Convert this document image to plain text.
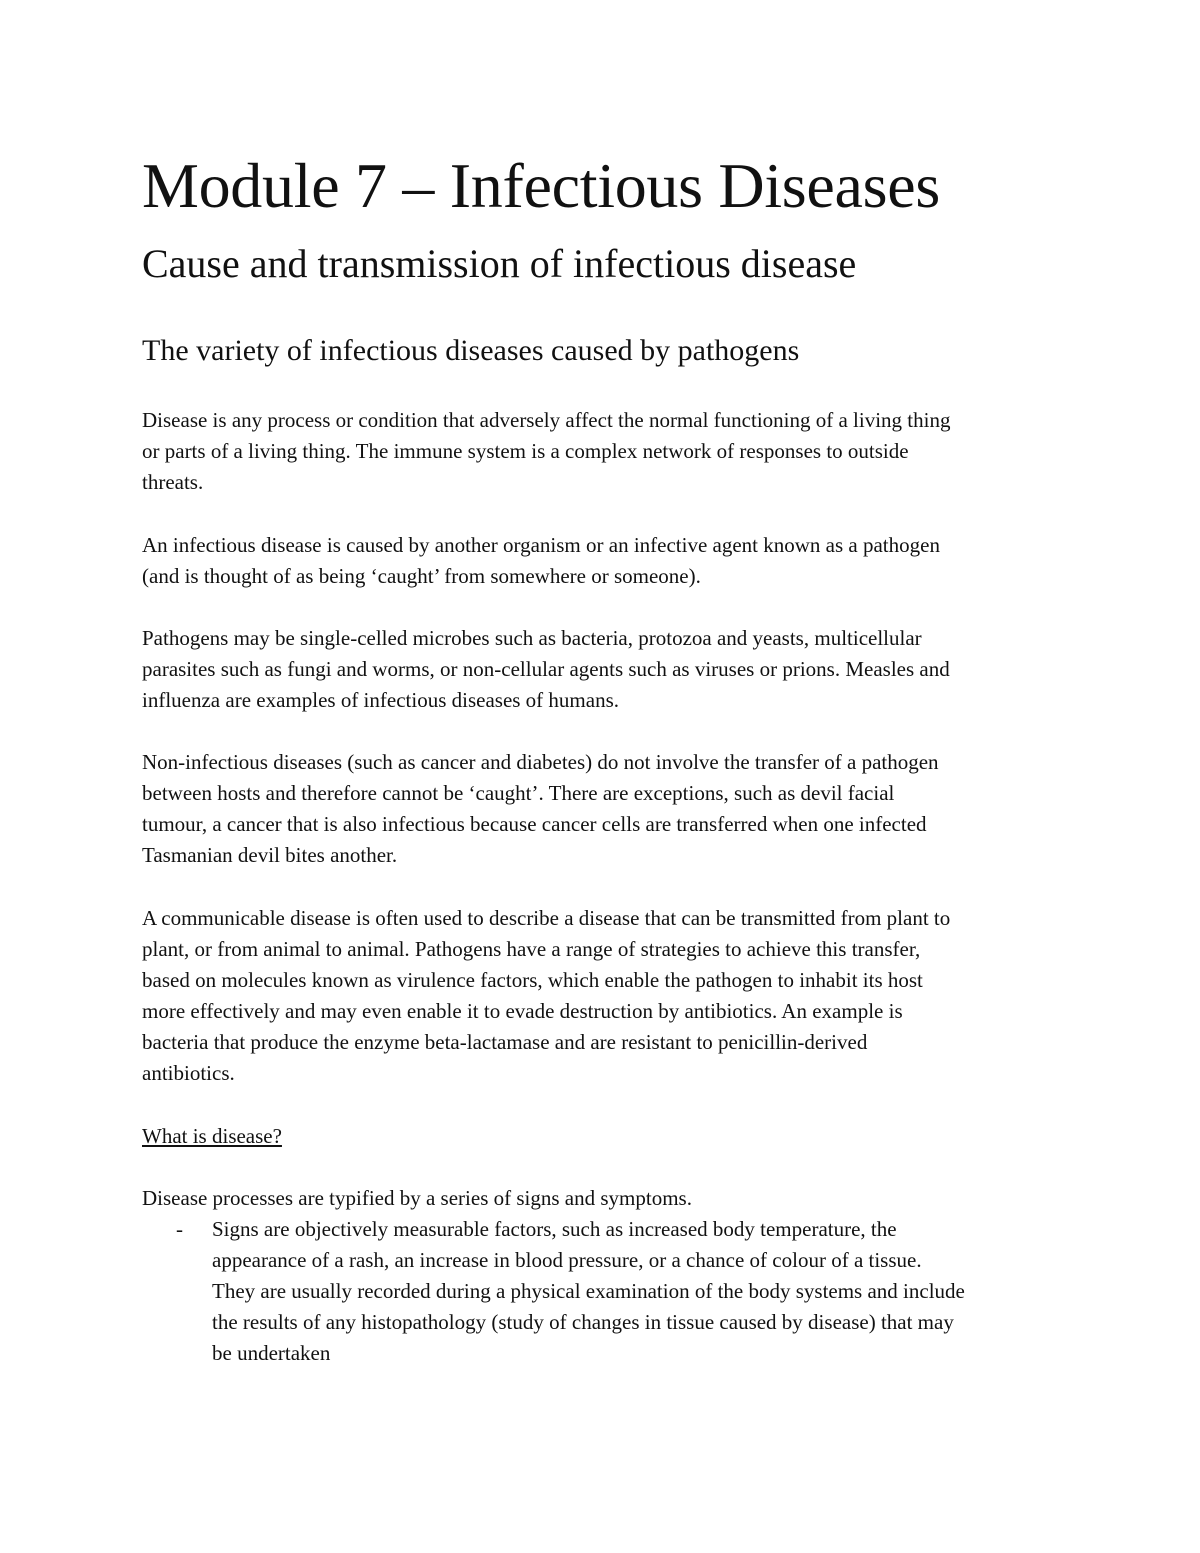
Module 7 – Infectious Diseases
Cause and transmission of infectious disease
The variety of infectious diseases caused by pathogens

Disease is any process or condition that adversely affect the normal functioning of a living thing
or parts of a living thing. The immune system is a complex network of responses to outside
threats.

An infectious disease is caused by another organism or an infective agent known as a pathogen
(and is thought of as being ‘caught’ from somewhere or someone).

Pathogens may be single-celled microbes such as bacteria, protozoa and yeasts, multicellular
parasites such as fungi and worms, or non-cellular agents such as viruses or prions. Measles and
influenza are examples of infectious diseases of humans.

Non-infectious diseases (such as cancer and diabetes) do not involve the transfer of a pathogen
between hosts and therefore cannot be ‘caught’. There are exceptions, such as devil facial
tumour, a cancer that is also infectious because cancer cells are transferred when one infected
Tasmanian devil bites another.

A communicable disease is often used to describe a disease that can be transmitted from plant to
plant, or from animal to animal. Pathogens have a range of strategies to achieve this transfer,
based on molecules known as virulence factors, which enable the pathogen to inhabit its host
more effectively and may even enable it to evade destruction by antibiotics. An example is
bacteria that produce the enzyme beta-lactamase and are resistant to penicillin-derived
antibiotics.

What is disease?

Disease processes are typified by a series of signs and symptoms.

- Signs are objectively measurable factors, such as increased body temperature, the
appearance of a rash, an increase in blood pressure, or a chance of colour of a tissue.
They are usually recorded during a physical examination of the body systems and include
the results of any histopathology (study of changes in tissue caused by disease) that may
be undertaken
